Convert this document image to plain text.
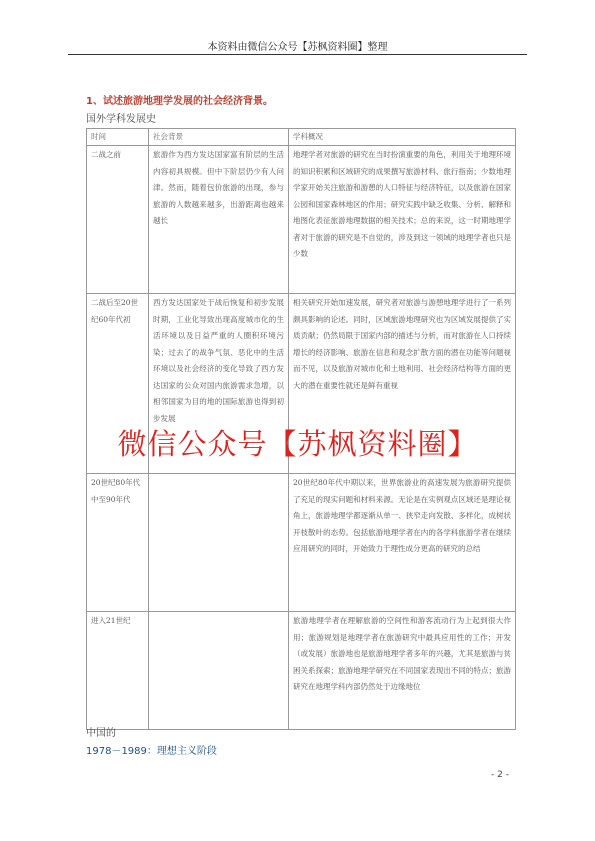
本资料由微信公众号【苏枫资料圈】整理
1、试述旅游地理学发展的社会经济背景。
国外学科发展史
时间	社会背景	学科概况
二战之前	旅游作为西方发达国家富有阶层的生活内容初具规模。但中下阶层仍少有人问津。然而，随着包价旅游的出现，参与旅游的人数越来越多，出游距离也越来越长	地理学者对旅游的研究在当时扮演重要的角色，利用关于地理环境的知识积累和区域研究的成果撰写旅游材料、旅行指南；少数地理学家开始关注旅游和游憩的人口特征与经济特征，以及旅游在国家公园和国家森林地区的作用；研究实践中缺乏收集、分析、解释和地图化表征旅游地理数据的相关技术；总的来说，这一时期地理学者对于旅游的研究是不自觉的，涉及到这一领域的地理学者也只是少数
二战后至20世纪60年代初	西方发达国家处于战后恢复和初步发展时期，工业化导致出现高度城市化的生活环境以及日益严重的人圈积环境污染；过去了的战争气氛、恶化中的生活环境以及社会经济的变化导致了西方发达国家的公众对国内旅游需求急增，以相邻国家为目的地的国际旅游也得到初步发展	相关研究开始加速发展，研究者对旅游与游憩地理学进行了一系列颇具影响的论述。同时，区域旅游地理研究也为区域发展提供了实质贡献；仍然局限于国家内部的描述与分析，而对旅游在人口持续增长的经济影响、旅游在信息和观念扩散方面的潜在功能等问题视而不见，以及旅游对城市化和土地利用、社会经济结构等方面的更大的潜在重要性就还是鲜有重视
20世纪80年代中至90年代		20世纪80年代中期以来，世界旅游业的高速发展为旅游研究提供了充足的现实问题和材料来源。无论是在实例观点区域还是理论视角上，旅游地理学都逐渐从单一、狭窄走向发散、多样化，成树状开枝散叶的态势。包括旅游地理学者在内的各学科旅游学者在继续应用研究的同时，开始致力于理性成分更高的研究的总结
进入21世纪		旅游地理学者在理解旅游的空间性和游客流动行为上起到很大作用；旅游规划是地理学者在旅游研究中最具应用性的工作；开发（或发展）旅游地也是旅游地理学者多年的兴趣，尤其是旅游与贫困关系探索；旅游地理学研究在不同国家表现出不同的特点；旅游研究在地理学科内部仍然处于边缘地位
中国的
1978－1989：理想主义阶段
- 2 -
微信公众号【苏枫资料圈】
